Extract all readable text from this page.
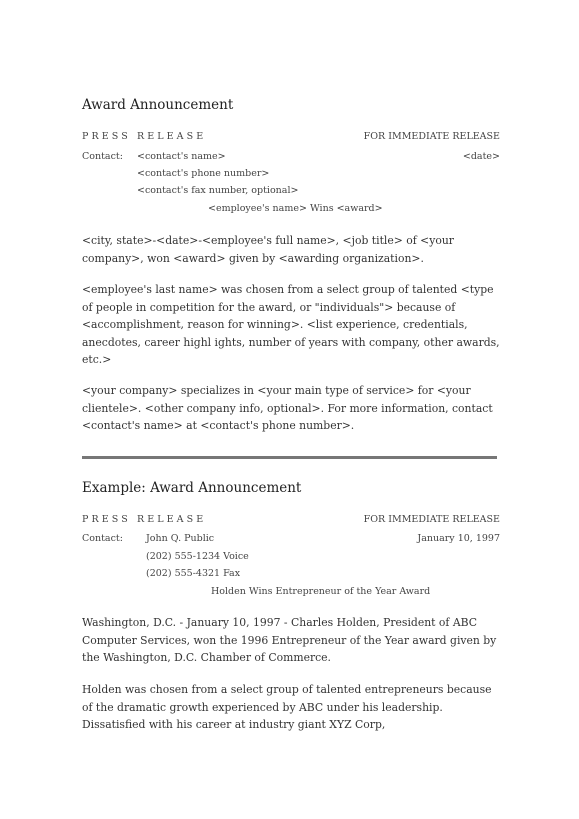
Award Announcement
PRESS RELEASE	FOR IMMEDIATE RELEASE
Contact: <contact's name>	<date>
<contact's phone number>
<contact's fax number, optional>
<employee's name> Wins <award>
<city, state>-<date>-<employee's full name>, <job title> of <your company>, won <award> given by <awarding organization>.
<employee's last name> was chosen from a select group of talented <type of people in competition for the award, or "individuals"> because of <accomplishment, reason for winning>. <list experience, credentials, anecdotes, career highl ights, number of years with company, other awards, etc.>
<your company> specializes in <your main type of service> for <your clientele>. <other company info, optional>. For more information, contact <contact's name> at <contact's phone number>.
Example: Award Announcement
PRESS RELEASE	FOR IMMEDIATE RELEASE
Contact: John Q. Public	January 10, 1997
(202) 555-1234 Voice
(202) 555-4321 Fax
Holden Wins Entrepreneur of the Year Award
Washington, D.C. - January 10, 1997 - Charles Holden, President of ABC Computer Services, won the 1996 Entrepreneur of the Year award given by the Washington, D.C. Chamber of Commerce.
Holden was chosen from a select group of talented entrepreneurs because of the dramatic growth experienced by ABC under his leadership. Dissatisfied with his career at industry giant XYZ Corp,
